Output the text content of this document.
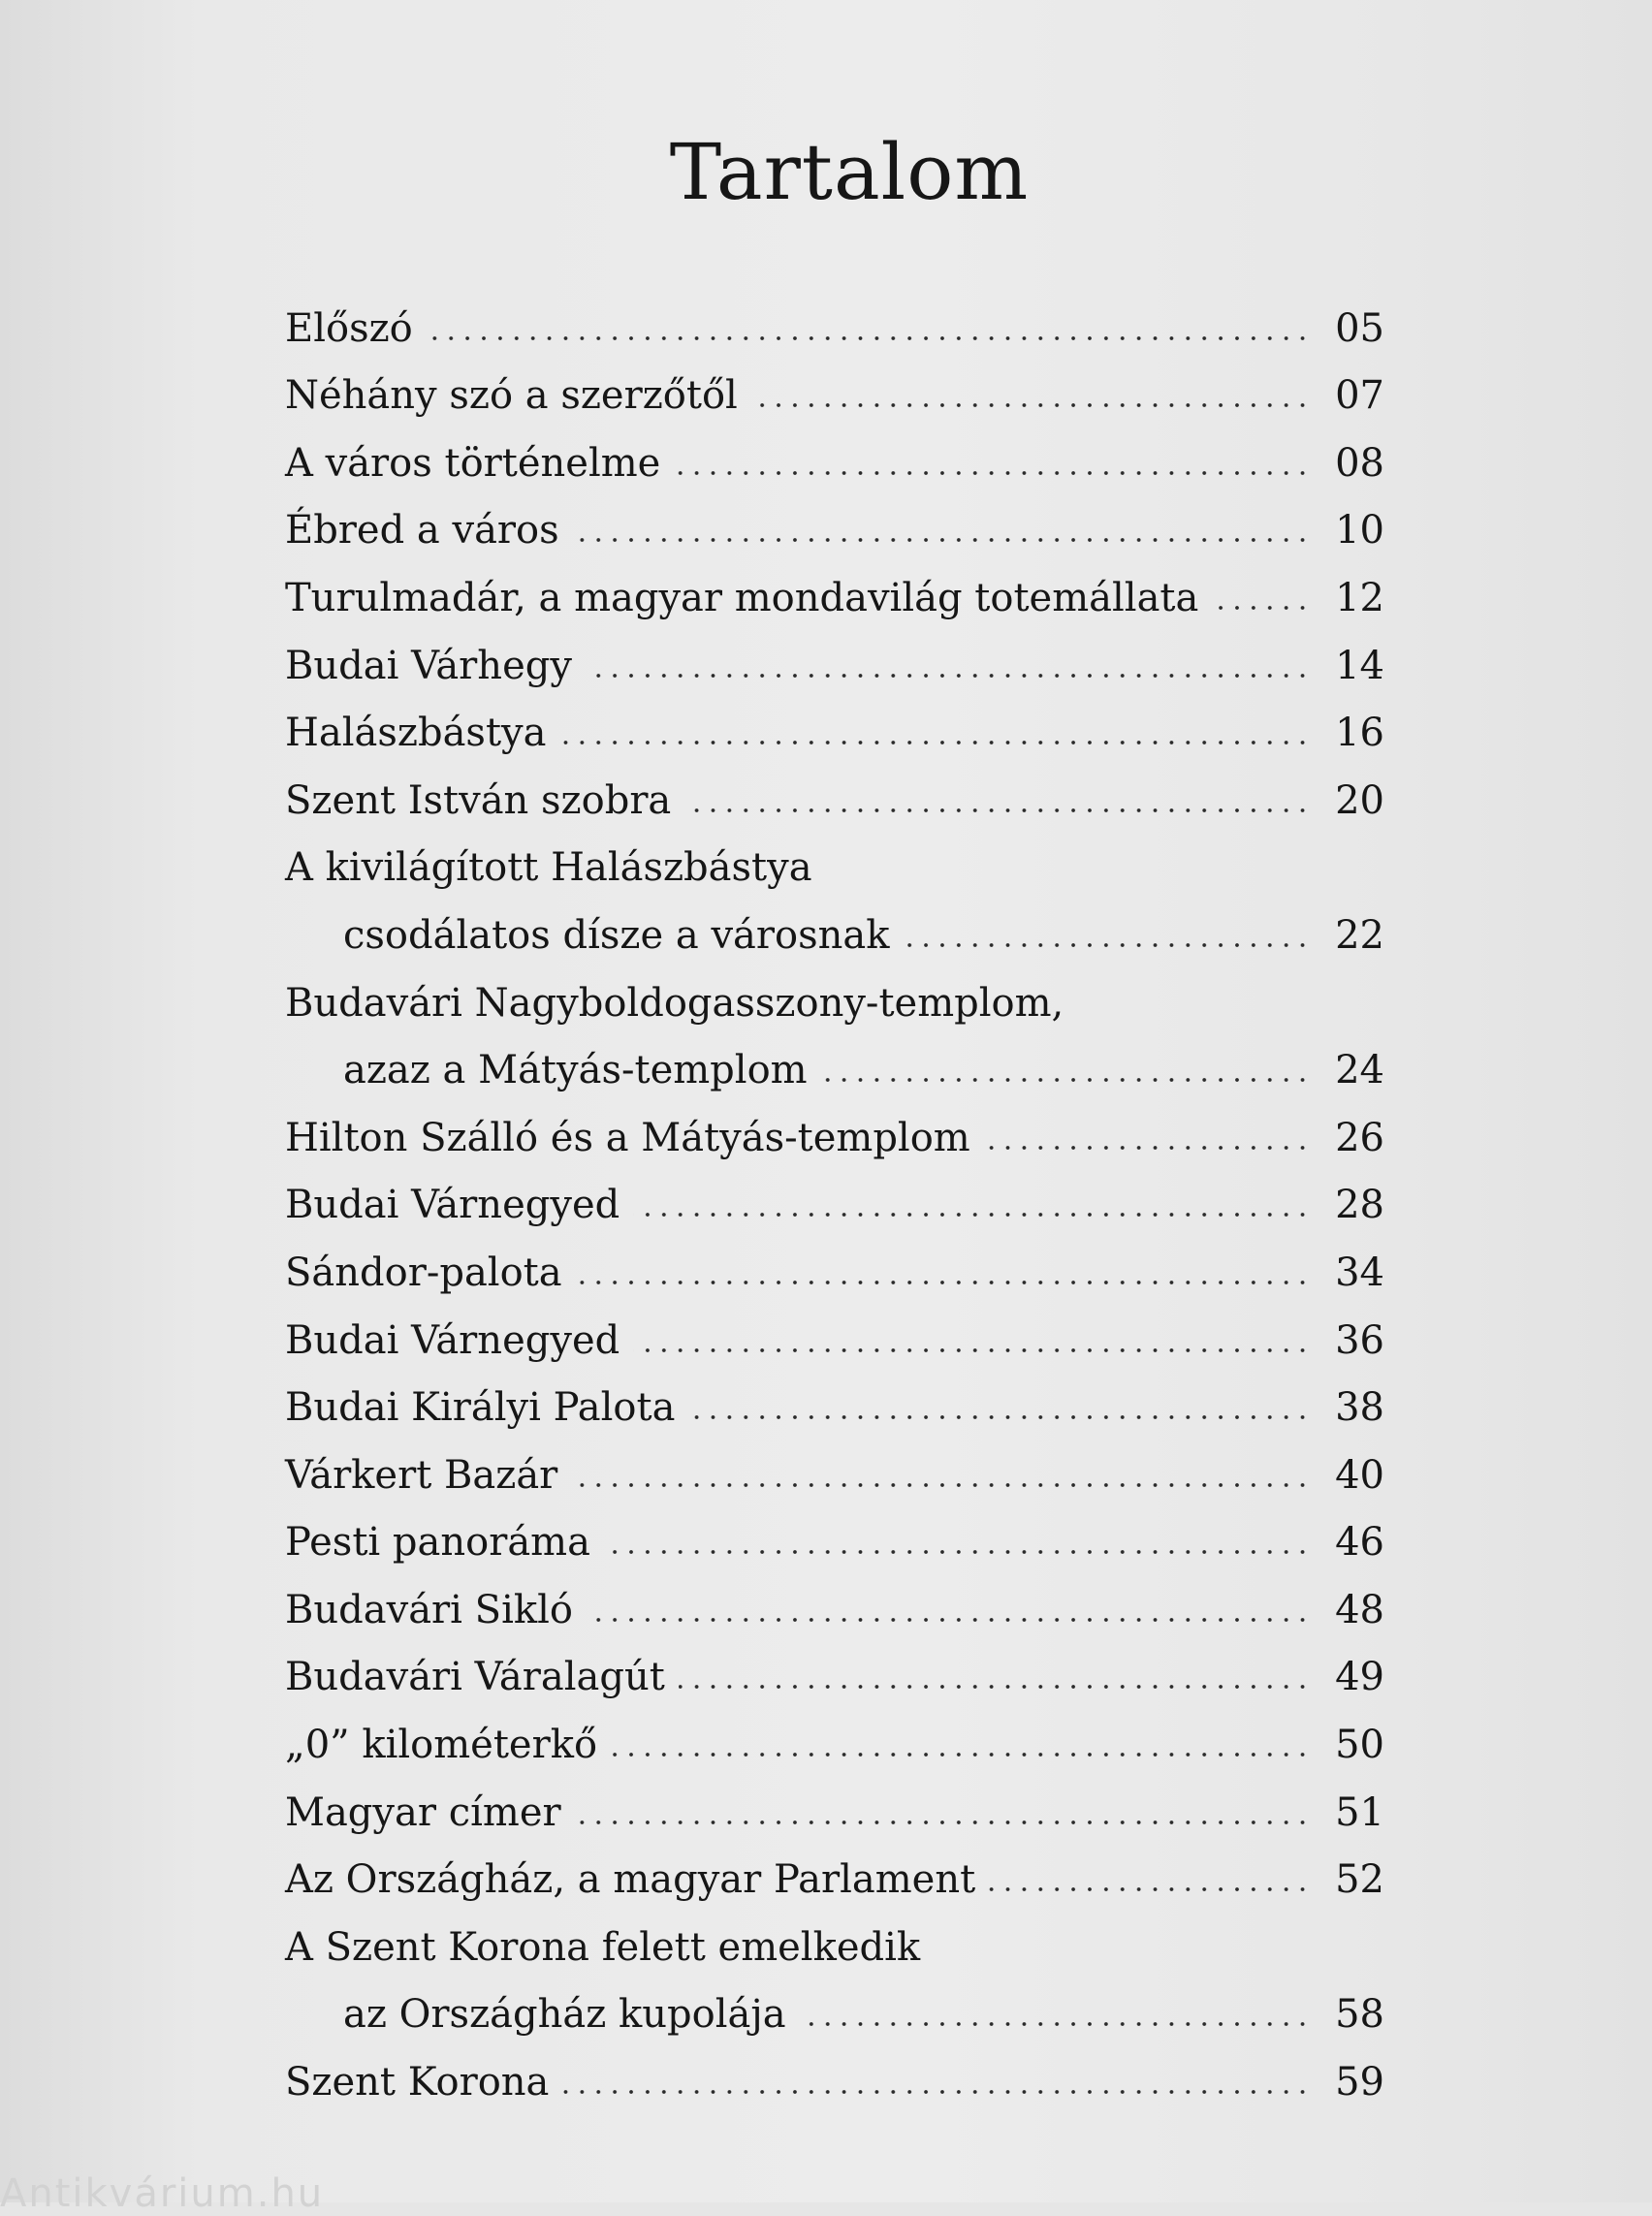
Tartalom
Előszó	05
Néhány szó a szerzőtől	07
A város történelme	08
Ébred a város	10
Turulmadár, a magyar mondavilág totemállata	12
Budai Várhegy	14
Halászbástya	16
Szent István szobra	20
A kivilágított Halászbástya
csodálatos dísze a városnak	22
Budavári Nagyboldogasszony-templom,
azaz a Mátyás-templom	24
Hilton Szálló és a Mátyás-templom	26
Budai Várnegyed	28
Sándor-palota	34
Budai Várnegyed	36
Budai Királyi Palota	38
Várkert Bazár	40
Pesti panoráma	46
Budavári Sikló	48
Budavári Váralagút	49
„0” kilométerkő	50
Magyar címer	51
Az Országház, a magyar Parlament	52
A Szent Korona felett emelkedik
az Országház kupolája	58
Szent Korona	59
Antikvárium.hu
